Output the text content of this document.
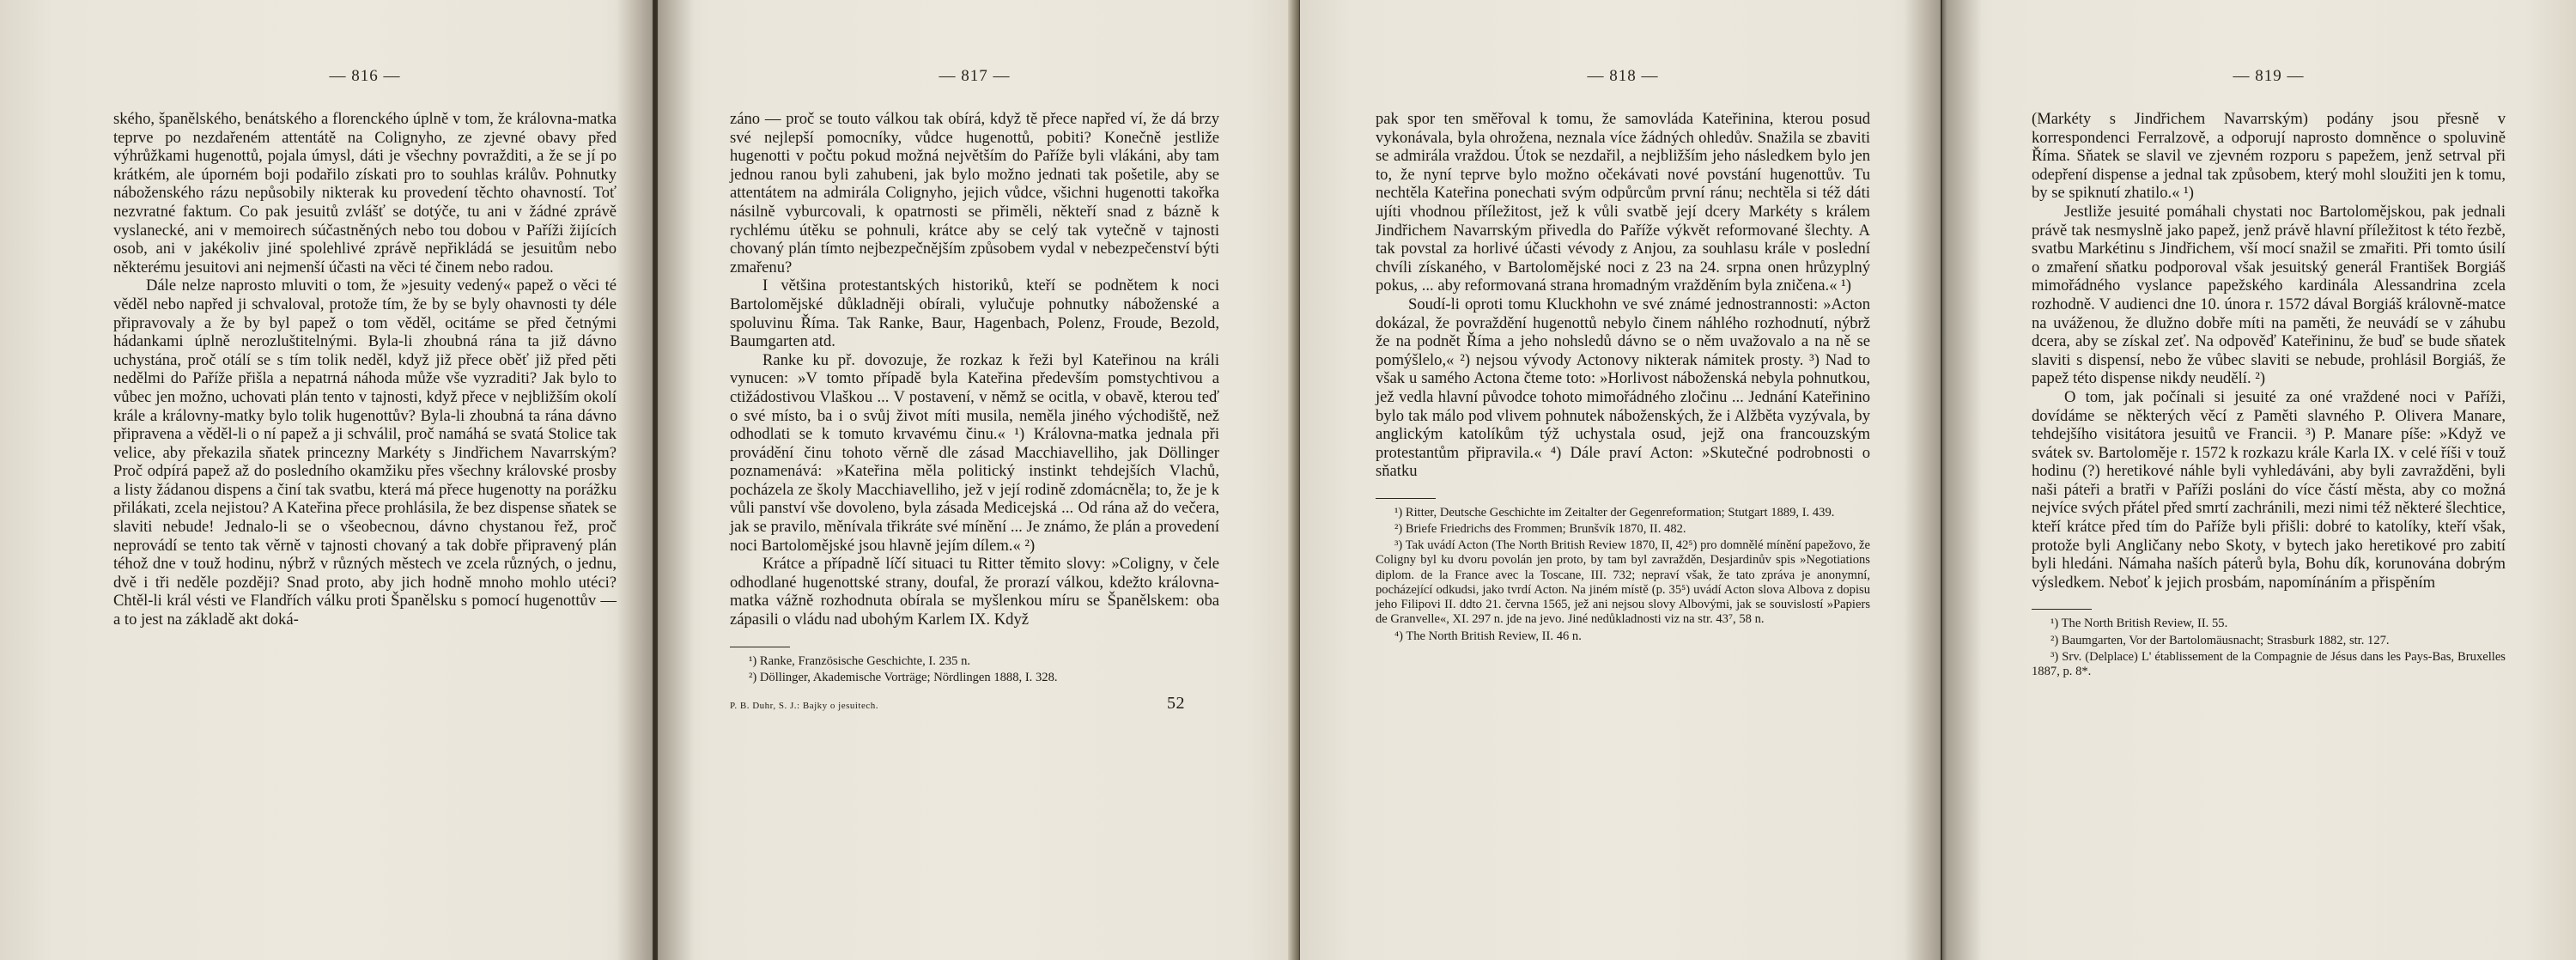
— 816 —

ského, španělského, benátského a florenckého úplně v tom, že královna-matka teprve po nezdařeném attentátě na Colignyho, ze zjevné obavy před výhrůžkami hugenottů, pojala úmysl, dáti je všechny povražditi, a že se jí po krátkém, ale úporném boji podařilo získati pro to souhlas králův. Pohnutky náboženského rázu nepůsobily nikterak ku provedení těchto ohavností. Toť nezvratné faktum. Co pak jesuitů zvlášť se dotýče, tu ani v žádné zprávě vyslanecké, ani v memoirech súčastněných nebo tou dobou v Paříži žijících osob, ani v jakékoliv jiné spolehlivé zprávě nepřikládá se jesuitům nebo některému jesuitovi ani nejmenší účasti na věci té činem nebo radou.

Dále nelze naprosto mluviti o tom, že »jesuity vedený« papež o věci té věděl nebo napřed ji schvaloval, protože tím, že by se byly ohavnosti ty déle připravovaly a že by byl papež o tom věděl, ocitáme se před četnými hádankami úplně nerozluštitelnými. Byla-li zhoubná rána ta již dávno uchystána, proč otálí se s tím tolik neděl, když již přece oběť již před pěti nedělmi do Paříže přišla a nepatrná náhoda může vše vyzraditi? Jak bylo to vůbec jen možno, uchovati plán tento v tajnosti, když přece v nejbližším okolí krále a královny-matky bylo tolik hugenottův? Byla-li zhoubná ta rána dávno připravena a věděl-li o ní papež a ji schválil, proč namáhá se svatá Stolice tak velice, aby překazila sňatek princezny Markéty s Jindřichem Navarrským? Proč odpírá papež až do posledního okamžiku přes všechny královské prosby a listy žádanou dispens a činí tak svatbu, která má přece hugenotty na porážku přilákati, zcela nejistou? A Kateřina přece prohlásila, že bez dispense sňatek se slaviti nebude! Jednalo-li se o všeobecnou, dávno chystanou řež, proč neprovádí se tento tak věrně v tajnosti chovaný a tak dobře připravený plán téhož dne v touž hodinu, nýbrž v různých městech ve zcela různých, o jednu, dvě i tři neděle později? Snad proto, aby jich hodně mnoho mohlo utéci? Chtěl-li král vésti ve Flandřích válku proti Španělsku s pomocí hugenottův — a to jest na základě akt doká-

— 817 —

záno — proč se touto válkou tak obírá, když tě přece napřed ví, že dá brzy své nejlepší pomocníky, vůdce hugenottů, pobiti? Konečně jestliže hugenotti v počtu pokud možná největším do Paříže byli vlákáni, aby tam jednou ranou byli zahubeni, jak bylo možno jednati tak pošetile, aby se attentátem na admirála Colignyho, jejich vůdce, všichni hugenotti takořka násilně vyburcovali, k opatrnosti se přiměli, někteří snad z bázně k rychlému útěku se pohnuli, krátce aby se celý tak vytečně v tajnosti chovaný plán tímto nejbezpečnějším způsobem vydal v nebezpečenství býti zmařenu?

I většina protestantských historiků, kteří se podnětem k noci Bartolomějské důkladněji obírali, vylučuje pohnutky náboženské a spoluvinu Říma. Tak Ranke, Baur, Hagenbach, Polenz, Froude, Bezold, Baumgarten atd.

Ranke ku př. dovozuje, že rozkaz k řeži byl Kateřinou na králi vynucen: »V tomto případě byla Kateřina především pomstychtivou a ctižádostivou Vlaškou ... V postavení, v němž se ocitla, v obavě, kterou teď o své místo, ba i o svůj život míti musila, neměla jiného východiště, než odhodlati se k tomuto krvavému činu.« ¹) Královna-matka jednala při provádění činu tohoto věrně dle zásad Macchiavelliho, jak Döllinger poznamenává: »Kateřina měla politický instinkt tehdejších Vlachů, pocházela ze školy Macchiavelliho, jež v její rodině zdomácněla; to, že je k vůli panství vše dovoleno, byla zásada Medicejská ... Od rána až do večera, jak se pravilo, měnívala třikráte své mínění ... Je známo, že plán a provedení noci Bartolomějské jsou hlavně jejím dílem.« ²)

Krátce a případně líčí situaci tu Ritter těmito slovy: »Coligny, v čele odhodlané hugenottské strany, doufal, že prorazí válkou, kdežto královna-matka vážně rozhodnuta obírala se myšlenkou míru se Španělskem: oba zápasili o vládu nad ubohým Karlem IX. Když

¹) Ranke, Französische Geschichte, I. 235 n.
²) Döllinger, Akademische Vorträge; Nördlingen 1888, I. 328.
P. B. Duhr, S. J.: Bajky o jesuitech.	52
— 818 —

pak spor ten směřoval k tomu, že samovláda Kateřinina, kterou posud vykonávala, byla ohrožena, neznala více žádných ohledův. Snažila se zbaviti se admirála vraždou. Útok se nezdařil, a nejbližším jeho následkem bylo jen to, že nyní teprve bylo možno očekávati nové povstání hugenottův. Tu nechtěla Kateřina ponechati svým odpůrcům první ránu; nechtěla si též dáti ujíti vhodnou příležitost, jež k vůli svatbě její dcery Markéty s králem Jindřichem Navarrským přivedla do Paříže výkvět reformované šlechty. A tak povstal za horlivé účasti vévody z Anjou, za souhlasu krále v poslední chvíli získaného, v Bartolomějské noci z 23 na 24. srpna onen hrůzyplný pokus, ... aby reformovaná strana hromadným vražděním byla zničena.« ¹)

Soudí-li oproti tomu Kluckhohn ve své známé jednostrannosti: »Acton dokázal, že povraždění hugenottů nebylo činem náhlého rozhodnutí, nýbrž že na podnět Říma a jeho nohsledů dávno se o něm uvažovalo a na ně se pomýšlelo,« ²) nejsou vývody Actonovy nikterak námitek prosty. ³) Nad to však u samého Actona čteme toto: »Horlivost náboženská nebyla pohnutkou, jež vedla hlavní původce tohoto mimořádného zločinu ... Jednání Kateřinino bylo tak málo pod vlivem pohnutek náboženských, že i Alžběta vyzývala, by anglickým katolíkům týž uchystala osud, jejž ona francouzským protestantům připravila.« ⁴) Dále praví Acton: »Skutečné podrobnosti o sňatku

¹) Ritter, Deutsche Geschichte im Zeitalter der Gegenreformation; Stutgart 1889, I. 439.
²) Briefe Friedrichs des Frommen; Brunšvík 1870, II. 482.
³) Tak uvádí Acton (The North British Review 1870, II, 42⁵) pro domnělé mínění papežovo, že Coligny byl ku dvoru povolán jen proto, by tam byl zavražděn, Desjardinův spis »Negotiations diplom. de la France avec la Toscane, III. 732; nepraví však, že tato zpráva je anonymní, pocházející odkudsi, jako tvrdí Acton. Na jiném místě (p. 35⁵) uvádí Acton slova Albova z dopisu jeho Filipovi II. ddto 21. června 1565, jež ani nejsou slovy Albovými, jak se souvislostí »Papiers de Granvelle«, XI. 297 n. jde na jevo. Jiné nedůkladnosti viz na str. 43⁷, 58 n.
⁴) The North British Review, II. 46 n.
— 819 —

(Markéty s Jindřichem Navarrským) podány jsou přesně v korrespondenci Ferralzově, a odporují naprosto domněnce o spoluvině Říma. Sňatek se slavil ve zjevném rozporu s papežem, jenž setrval při odepření dispense a jednal tak způsobem, který mohl sloužiti jen k tomu, by se spiknutí zhatilo.« ¹)

Jestliže jesuité pomáhali chystati noc Bartolomějskou, pak jednali právě tak nesmyslně jako papež, jenž právě hlavní příležitost k této řezbě, svatbu Markétinu s Jindřichem, vší mocí snažil se zmařiti. Při tomto úsilí o zmaření sňatku podporoval však jesuitský generál František Borgiáš mimořádného vyslance papežského kardinála Alessandrina zcela rozhodně. V audienci dne 10. února r. 1572 dával Borgiáš královně-matce na uváženou, že dlužno dobře míti na paměti, že neuvádí se v záhubu dcera, aby se získal zeť. Na odpověď Kateřininu, že buď se bude sňatek slaviti s dispensí, nebo že vůbec slaviti se nebude, prohlásil Borgiáš, že papež této dispense nikdy neudělí. ²)

O tom, jak počínali si jesuité za oné vraždené noci v Paříži, dovídáme se některých věcí z Paměti slavného P. Olivera Manare, tehdejšího visitátora jesuitů ve Francii. ³) P. Manare píše: »Když ve svátek sv. Bartoloměje r. 1572 k rozkazu krále Karla IX. v celé říši v touž hodinu (?) heretikové náhle byli vyhledáváni, aby byli zavražděni, byli naši páteři a bratři v Paříži posláni do více částí města, aby co možná nejvíce svých přátel před smrtí zachránili, mezi nimi též některé šlechtice, kteří krátce před tím do Paříže byli přišli: dobré to katolíky, kteří však, protože byli Angličany nebo Skoty, v bytech jako heretikové pro zabití byli hledáni. Námaha naších páterů byla, Bohu dík, korunována dobrým výsledkem. Neboť k jejich prosbám, napomínáním a přispěním

¹) The North British Review, II. 55.
²) Baumgarten, Vor der Bartolomäusnacht; Strasburk 1882, str. 127.
³) Srv. (Delplace) L' établissement de la Compagnie de Jésus dans les Pays-Bas, Bruxelles 1887, p. 8*.
